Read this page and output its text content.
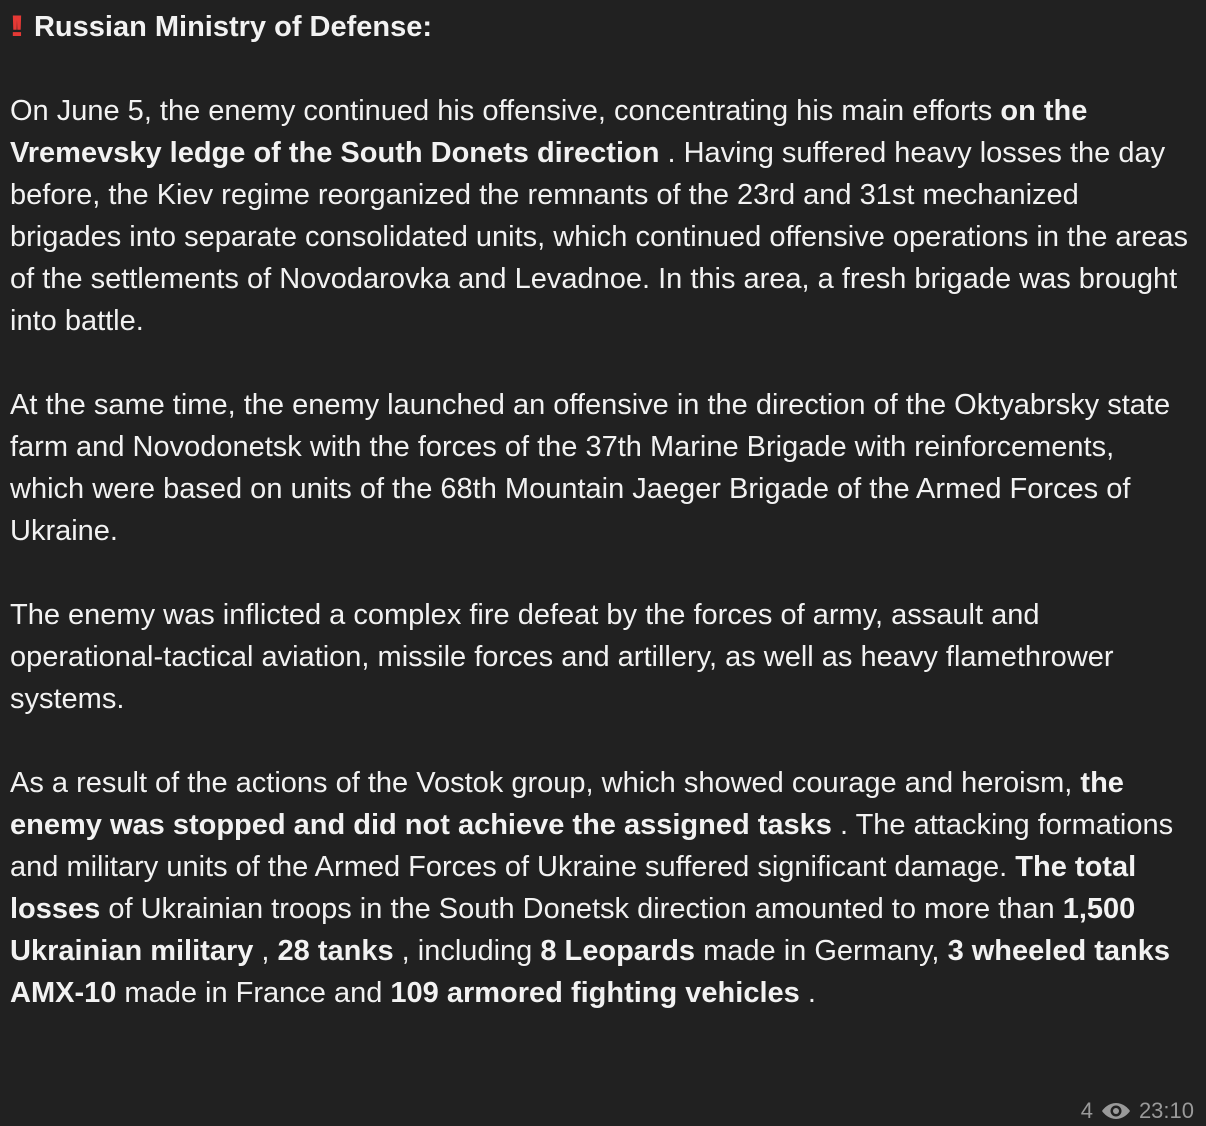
!! Russian Ministry of Defense:

On June 5, the enemy continued his offensive, concentrating his main efforts on the Vremevsky ledge of the South Donets direction . Having suffered heavy losses the day before, the Kiev regime reorganized the remnants of the 23rd and 31st mechanized brigades into separate consolidated units, which continued offensive operations in the areas of the settlements of Novodarovka and Levadnoe. In this area, a fresh brigade was brought into battle.

At the same time, the enemy launched an offensive in the direction of the Oktyabrsky state farm and Novodonetsk with the forces of the 37th Marine Brigade with reinforcements, which were based on units of the 68th Mountain Jaeger Brigade of the Armed Forces of Ukraine.

The enemy was inflicted a complex fire defeat by the forces of army, assault and operational-tactical aviation, missile forces and artillery, as well as heavy flamethrower systems.

As a result of the actions of the Vostok group, which showed courage and heroism, the enemy was stopped and did not achieve the assigned tasks . The attacking formations and military units of the Armed Forces of Ukraine suffered significant damage. The total losses of Ukrainian troops in the South Donetsk direction amounted to more than 1,500 Ukrainian military , 28 tanks , including 8 Leopards made in Germany, 3 wheeled tanks AMX-10 made in France and 109 armored fighting vehicles .

4 23:10
